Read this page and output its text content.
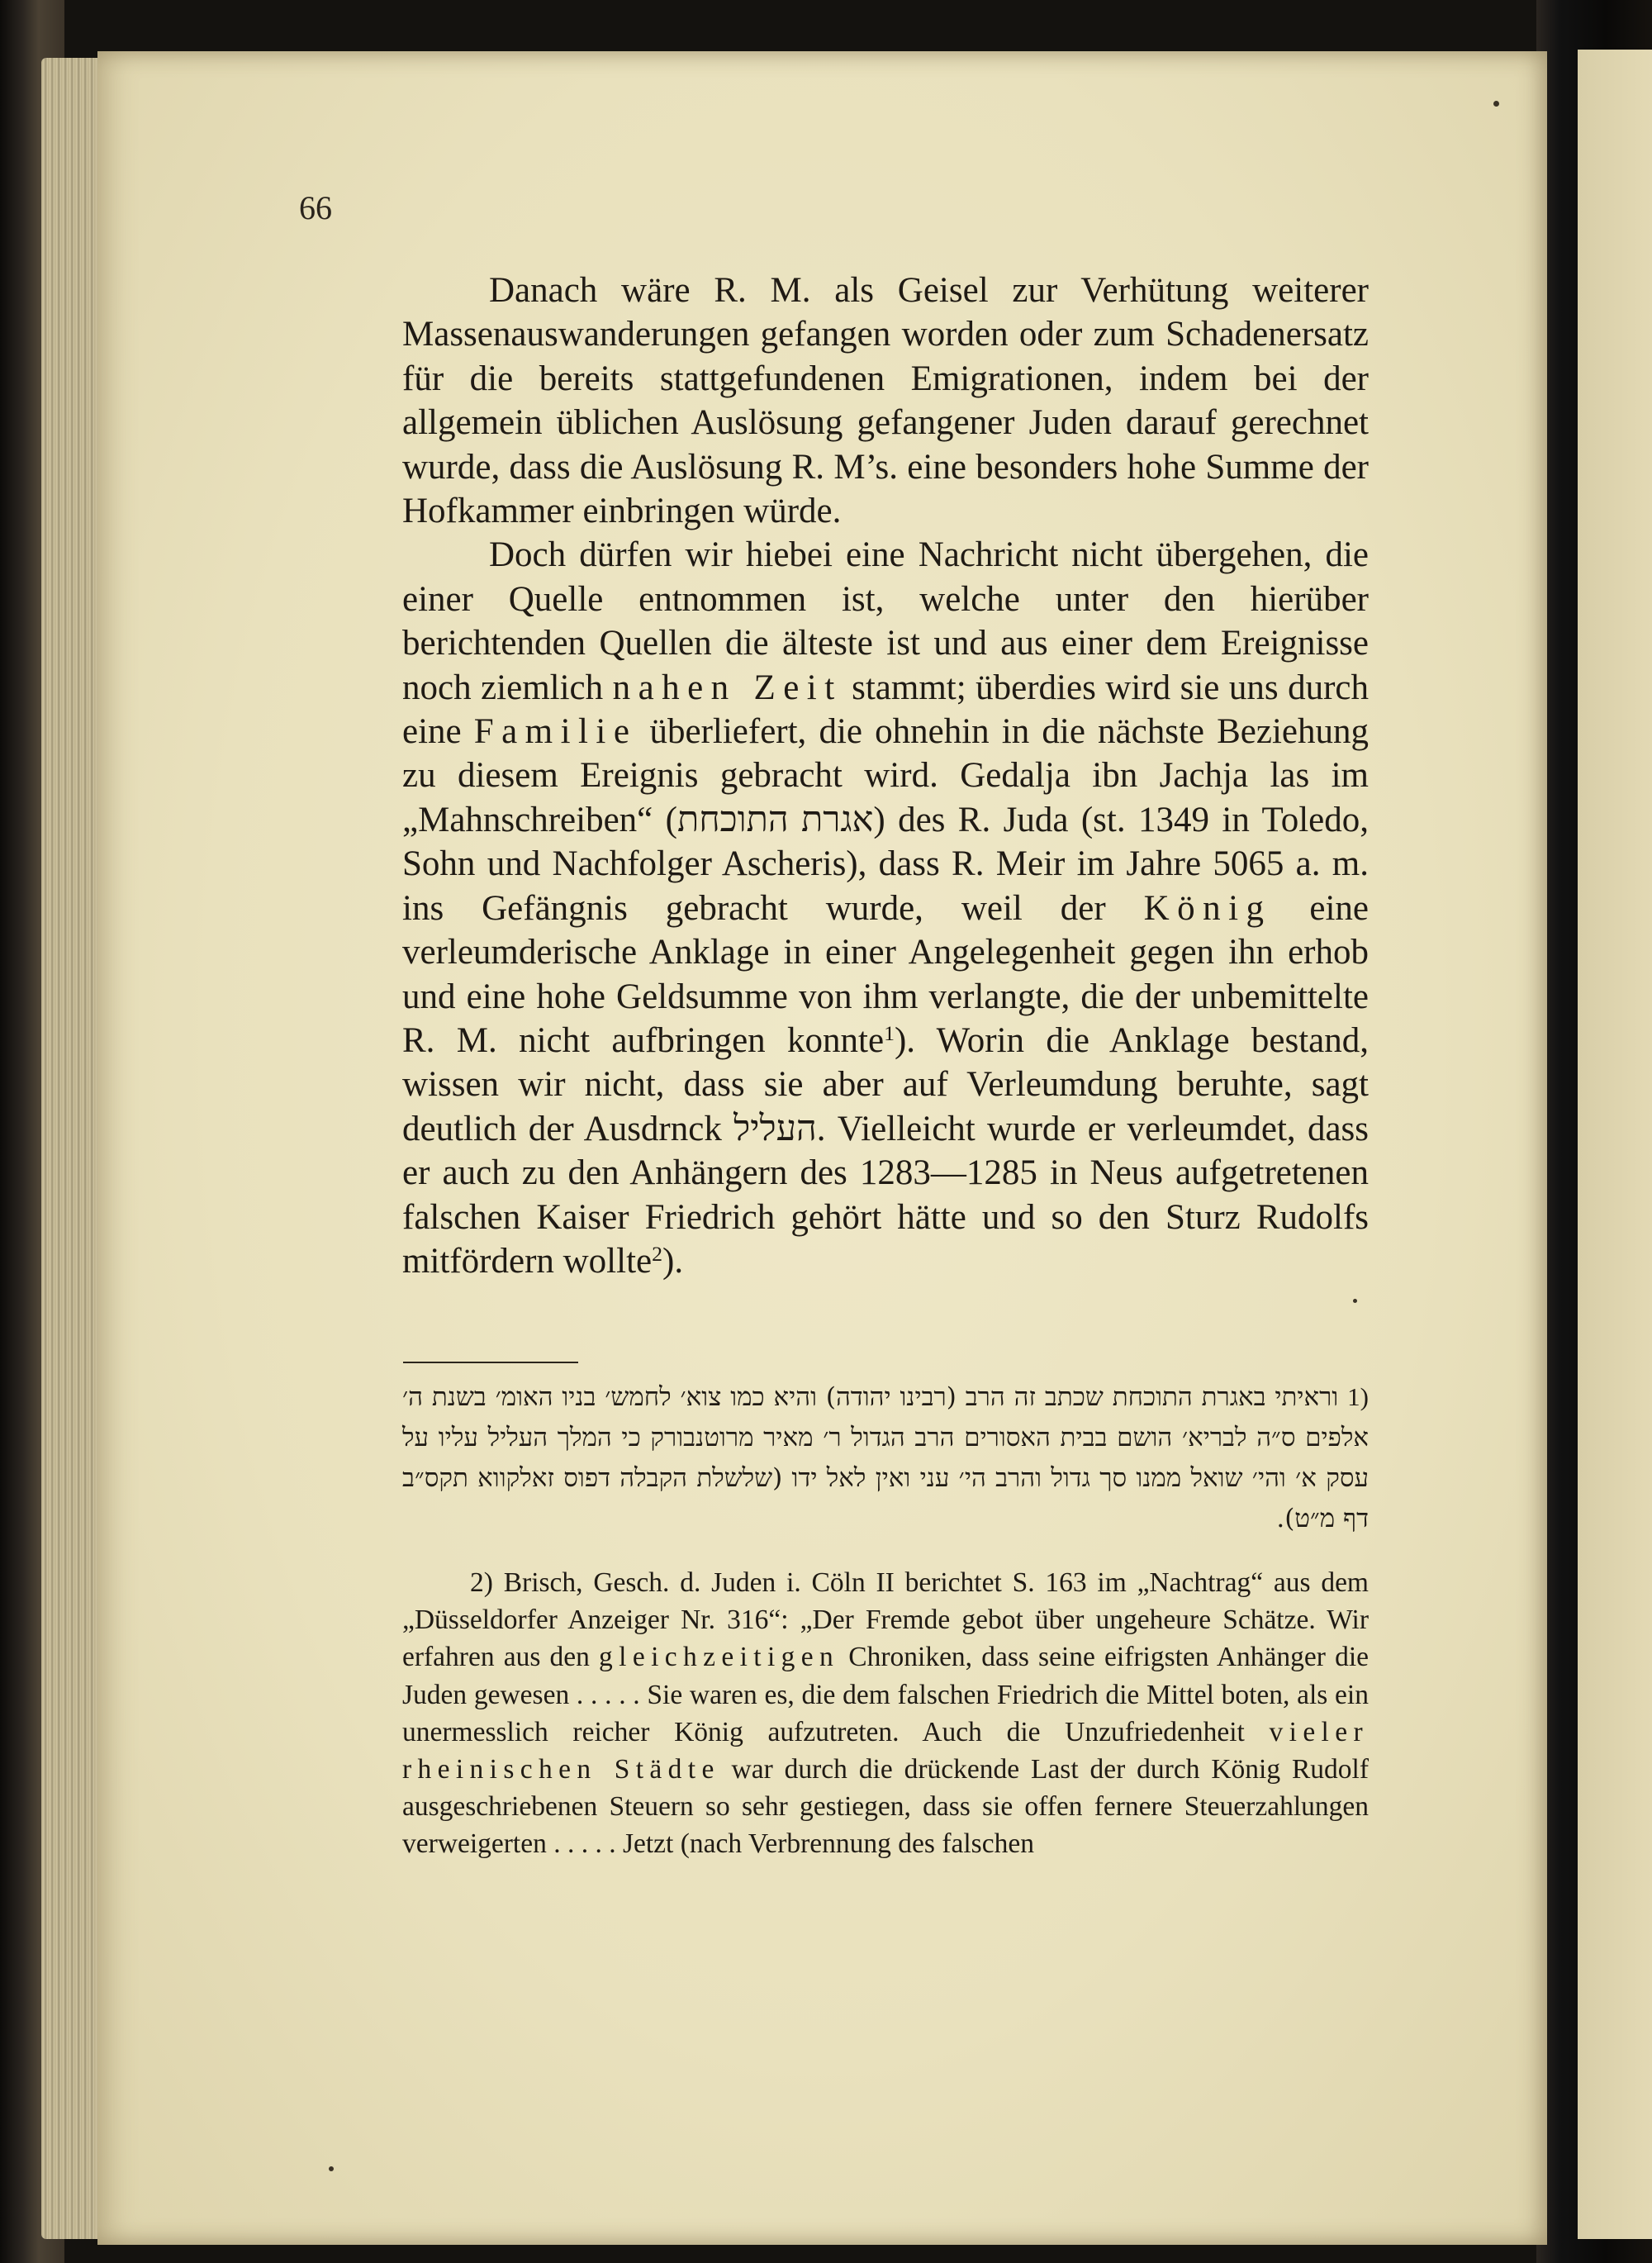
66

Danach wäre R. M. als Geisel zur Verhütung weiterer Massenauswanderungen gefangen worden oder zum Schadenersatz für die bereits stattgefundenen Emigrationen, indem bei der allgemein üblichen Auslösung gefangener Juden darauf gerechnet wurde, dass die Auslösung R. M’s. eine besonders hohe Summe der Hofkammer einbringen würde.

Doch dürfen wir hiebei eine Nachricht nicht übergehen, die einer Quelle entnommen ist, welche unter den hierüber berichtenden Quellen die älteste ist und aus einer dem Ereignisse noch ziemlich nahen Zeit stammt; überdies wird sie uns durch eine Familie überliefert, die ohnehin in die nächste Beziehung zu diesem Ereignis gebracht wird. Gedalja ibn Jachja las im „Mahnschreiben“ (אגרת התוכחת) des R. Juda (st. 1349 in Toledo, Sohn und Nachfolger Ascheris), dass R. Meir im Jahre 5065 a. m. ins Gefängnis gebracht wurde, weil der König eine verleumderische Anklage in einer Angelegenheit gegen ihn erhob und eine hohe Geldsumme von ihm verlangte, die der unbemittelte R. M. nicht aufbringen konnte$^1$). Worin die Anklage bestand, wissen wir nicht, dass sie aber auf Verleumdung beruhte, sagt deutlich der Ausdrnck העליל. Vielleicht wurde er verleumdet, dass er auch zu den Anhängern des 1283—1285 in Neus aufgetretenen falschen Kaiser Friedrich gehört hätte und so den Sturz Rudolfs mitfördern wollte$^2$).

1) וראיתי באגרת התוכחת שכתב זה הרב (רבינו יהודה) והיא כמו צוא׳ לחמש׳ בניו האומ׳ בשנת ה׳ אלפים ס״ה לבריא׳ הושם בבית האסורים הרב הגדול ר׳ מאיר מרוטנבורק כי המלך העליל עליו על עסק א׳ והי׳ שואל ממנו סך גדול והרב הי׳ עני ואין לאל ידו (שלשלת הקבלה דפוס זאלקווא תקס״ב דף מ״ט).

2) Brisch, Gesch. d. Juden i. Cöln II berichtet S. 163 im „Nachtrag“ aus dem „Düsseldorfer Anzeiger Nr. 316“: „Der Fremde gebot über ungeheure Schätze. Wir erfahren aus den gleichzeitigen Chroniken, dass seine eifrigsten Anhänger die Juden gewesen . . . . . Sie waren es, die dem falschen Friedrich die Mittel boten, als ein unermesslich reicher König aufzutreten. Auch die Unzufriedenheit vieler rheinischen Städte war durch die drückende Last der durch König Rudolf ausgeschriebenen Steuern so sehr gestiegen, dass sie offen fernere Steuerzahlungen verweigerten . . . . . Jetzt (nach Verbrennung des falschen
